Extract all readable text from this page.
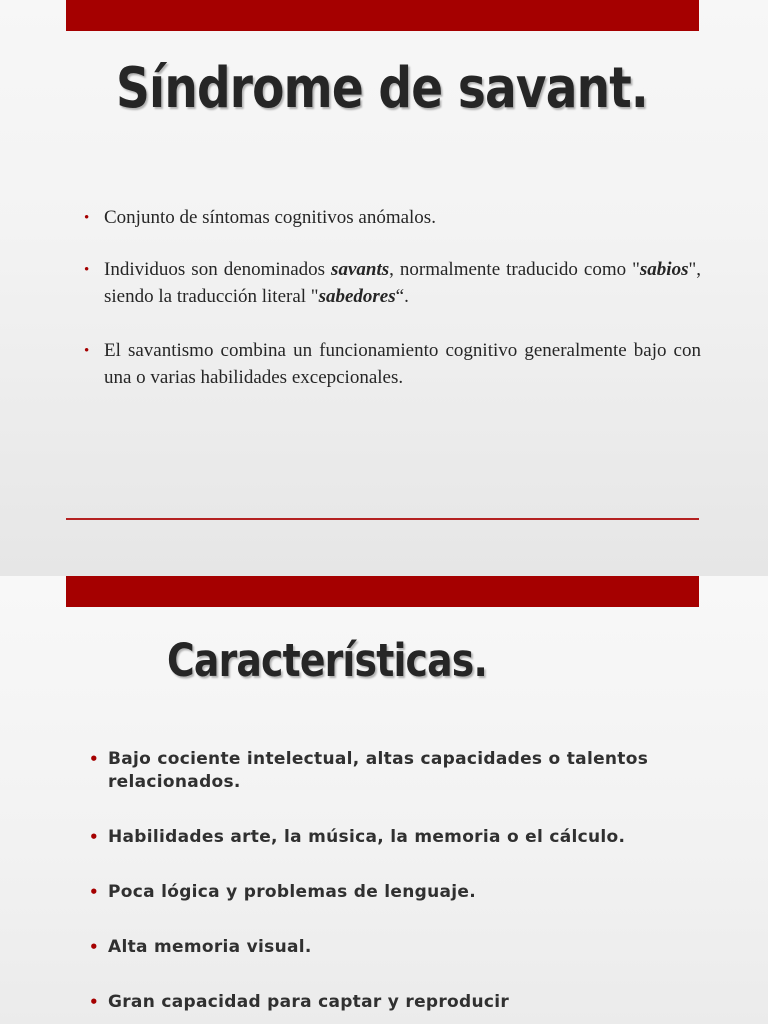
Síndrome de savant.
• Conjunto de síntomas cognitivos anómalos.
• Individuos son denominados savants, normalmente traducido como "sabios", siendo la traducción literal "sabedores“.
• El savantismo combina un funcionamiento cognitivo generalmente bajo con una o varias habilidades excepcionales.
Características.
• Bajo cociente intelectual, altas capacidades o talentos relacionados.
• Habilidades arte, la música, la memoria o el cálculo.
• Poca lógica y problemas de lenguaje.
• Alta memoria visual.
• Gran capacidad para captar y reproducir
